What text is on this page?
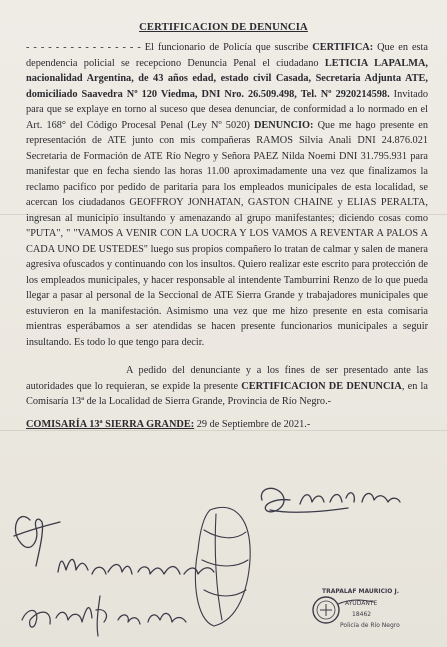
CERTIFICACION DE DENUNCIA

- - - - - - - - - - - - - - - - El funcionario de Policía que suscribe CERTIFICA: Que en esta dependencia policial se recepciono Denuncia Penal el ciudadano LETICIA LAPALMA, nacionalidad Argentina, de 43 años edad, estado civil Casada, Secretaria Adjunta ATE, domiciliado Saavedra Nº 120 Viedma, DNI Nro. 26.509.498, Tel. Nº 2920214598. Invitado para que se explaye en torno al suceso que desea denunciar, de conformidad a lo normado en el Art. 168° del Código Procesal Penal (Ley Nº 5020) DENUNCIO: Que me hago presente en representación de ATE junto con mis compañeras RAMOS Silvia Anali DNI 24.876.021 Secretaria de Formación de ATE Río Negro y Señora PAEZ Nilda Noemi DNI 31.795.931 para manifestar que en fecha siendo las horas 11.00 aproximadamente una vez que finalizamos la reclamo pacifico por pedido de paritaria para los empleados municipales de esta localidad, se acercan los ciudadanos GEOFFROY JONHATAN, GASTON CHAINE y ELIAS PERALTA, ingresan al municipio insultando y amenazando al grupo manifestantes; diciendo cosas como "PUTA", " "VAMOS A VENIR CON LA UOCRA Y LOS VAMOS A REVENTAR A PALOS A CADA UNO DE USTEDES" luego sus propios compañero lo tratan de calmar y salen de manera agresiva ofuscados y continuando con los insultos. Quiero realizar este escrito para protección de los empleados municipales, y hacer responsable al intendente Tamburrini Renzo de lo que pueda llegar a pasar al personal de la Seccional de ATE Sierra Grande y trabajadores municipales que estuvieron en la manifestación. Asimismo una vez que me hizo presente en esta comisaria mientras esperábamos a ser atendidas se hacen presente funcionarios municipales a seguir insultando. Es todo lo que tengo para decir.

A pedido del denunciante y a los fines de ser presentado ante las autoridades que lo requieran, se expide la presente CERTIFICACION DE DENUNCIA, en la Comisaría 13ª de la Localidad de Sierra Grande, Provincia de Río Negro.-

COMISARÍA 13ª SIERRA GRANDE: 29 de Septiembre de 2021.-

TRAPALAF MAURICIO J.
AYUDANTE
18462
Policía de Río Negro
